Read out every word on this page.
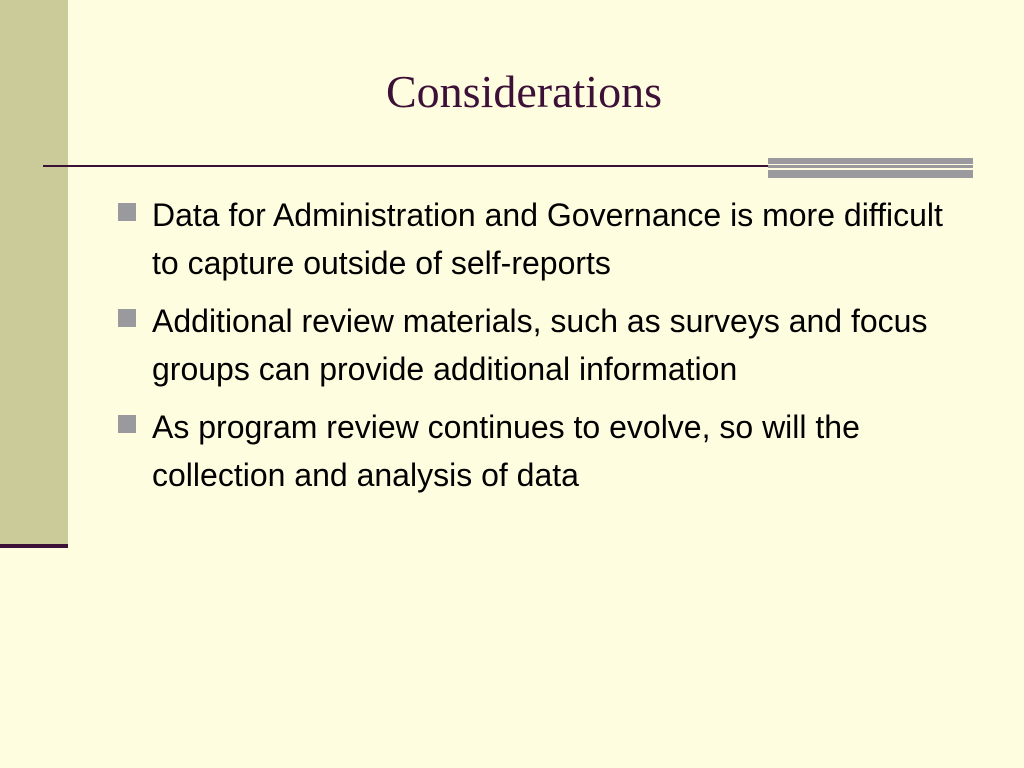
Considerations
Data for Administration and Governance is more difficult to capture outside of self-reports
Additional review materials, such as surveys and focus groups can provide additional information
As program review continues to evolve, so will the collection and analysis of data
